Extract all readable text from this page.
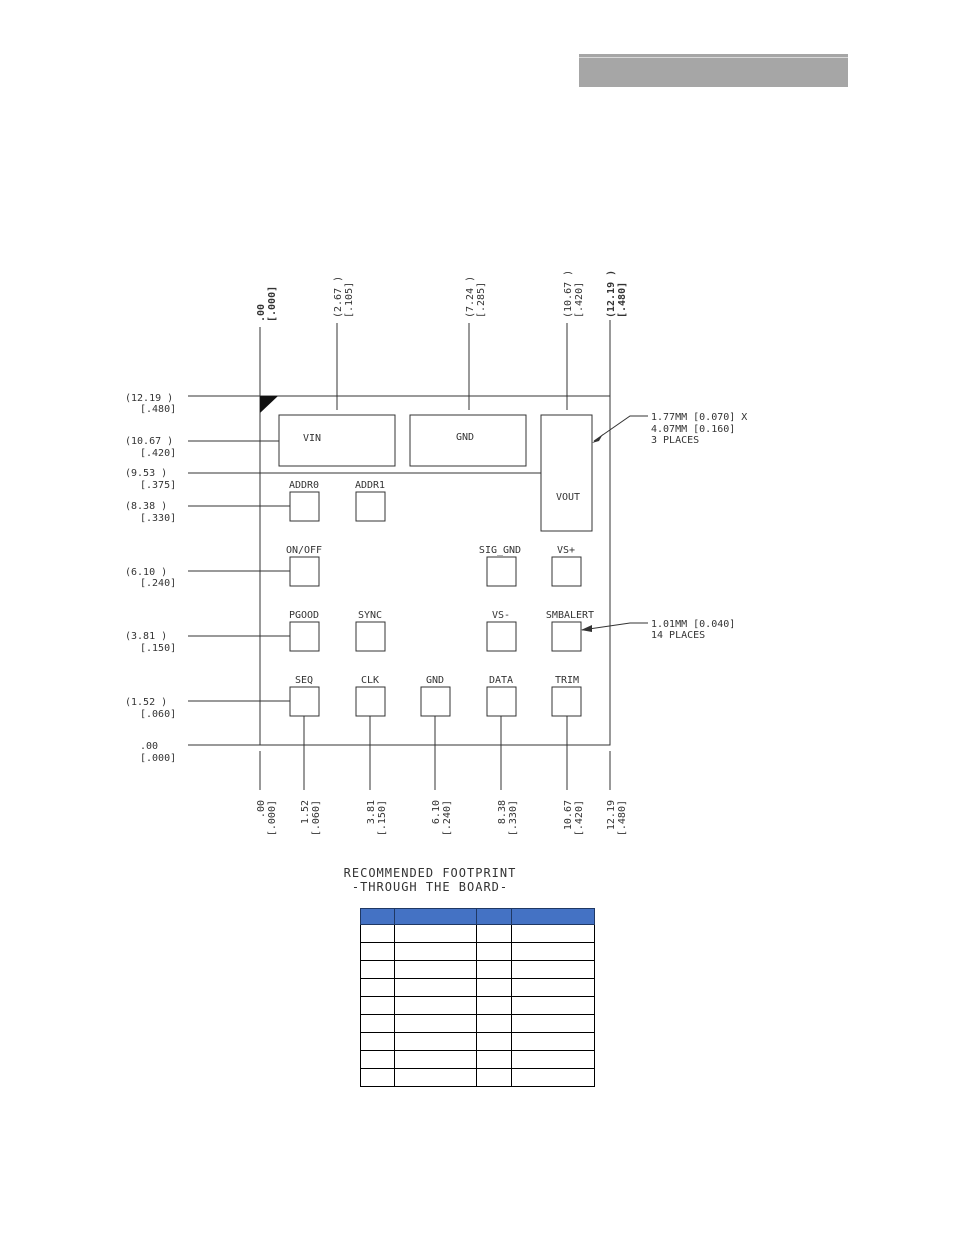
VIN	GND
VOUT
ADDR0	ADDR1
ON/OFF	SIG_GND	VS+
PGOOD	SYNC	VS-	SMBALERT
SEQ	CLK	GND	DATA	TRIM
(12.19 )
[.480]
(10.67 )
[.420]
(9.53 )
[.375]
(8.38 )
[.330]
(6.10 )
[.240]
(3.81 )
[.150]
(1.52 )
[.060]
.00
[.000]
.00 [.000]	(2.67 ) [.105]	(7.24 ) [.285]	(10.67 ) [.420] (12.19 ) [.480]
.00 [.000] 1.52 [.060]	3.81 [.150]	6.10 [.240]	8.38 [.330]	10.67 [.420] 12.19 [.480]
1.77MM [0.070] X
4.07MM [0.160]
3 PLACES
1.01MM [0.040]
14 PLACES
RECOMMENDED FOOTPRINT
-THROUGH THE BOARD-
